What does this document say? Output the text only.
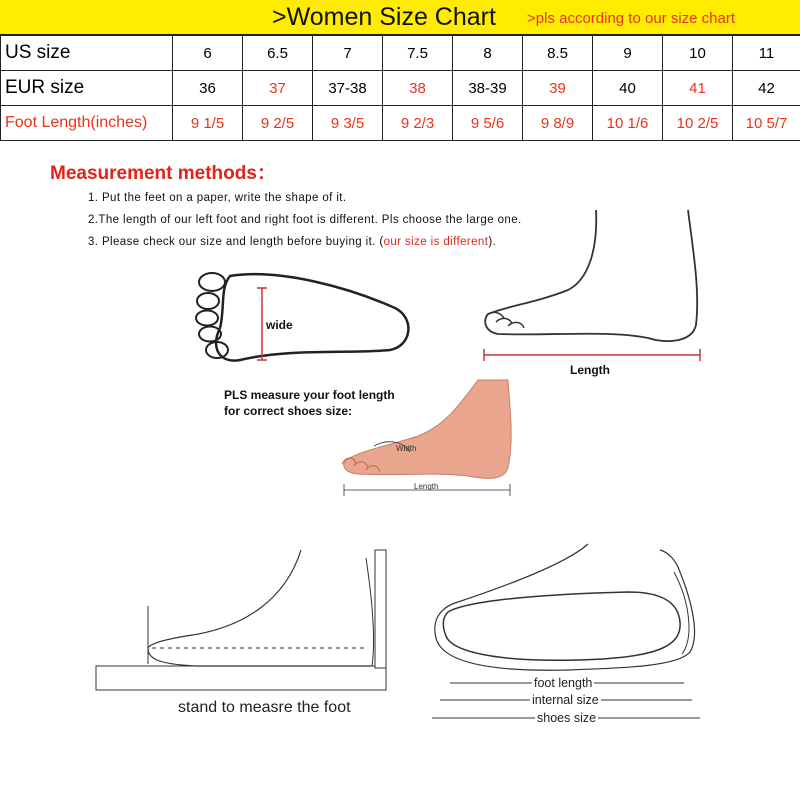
>Women Size Chart >pls according to our size chart
US size	6	6.5	7	7.5	8	8.5	9	10	11
EUR size	36	37	37-38	38	38-39	39	40	41	42
Foot Length(inches)	9 1/5	9 2/5	9 3/5	9 2/3	9 5/6	9 8/9	10 1/6	10 2/5	10 5/7
Measurement methods：
1. Put the feet on a paper, write the shape of it.
2.The length of our left foot and right foot is different. Pls choose the large one.
3. Please check our size and length before buying it. (our size is different).
wide
Length
PLS measure your foot length
for correct shoes size:
Width
Length
stand to measre the foot
foot length
internal size
shoes size
